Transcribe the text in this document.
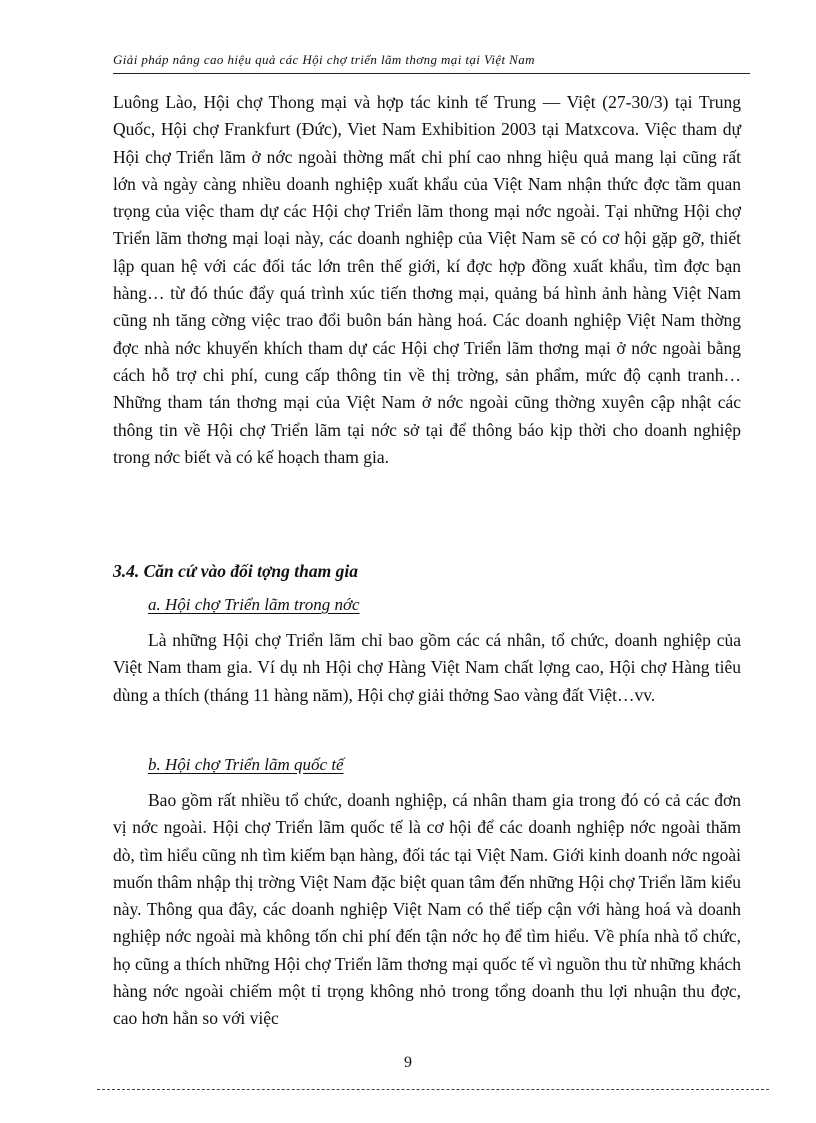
Giải pháp nâng cao hiệu quả các Hội chợ triển lãm thơng mại tại Việt Nam

Luông Lào, Hội chợ Thong mại và hợp tác kinh tế Trung — Việt (27-30/3) tại Trung Quốc, Hội chợ Frankfurt (Đức), Viet Nam Exhibition 2003 tại Matxcova. Việc tham dự Hội chợ Triển lãm ở nớc ngoài thờng mất chi phí cao nhng hiệu quả mang lại cũng rất lớn và ngày càng nhiều doanh nghiệp xuất khẩu của Việt Nam nhận thức đợc tầm quan trọng của việc tham dự các Hội chợ Triển lãm thong mại nớc ngoài. Tại những Hội chợ Triển lãm thơng mại loại này, các doanh nghiệp của Việt Nam sẽ có cơ hội gặp gỡ, thiết lập quan hệ với các đối tác lớn trên thế giới, kí đợc hợp đồng xuất khẩu, tìm đợc bạn hàng… từ đó thúc đẩy quá trình xúc tiến thơng mại, quảng bá hình ảnh hàng Việt Nam cũng nh tăng cờng việc trao đổi buôn bán hàng hoá. Các doanh nghiệp Việt Nam thờng đợc nhà nớc khuyến khích tham dự các Hội chợ Triển lãm thơng mại ở nớc ngoài bằng cách hỗ trợ chi phí, cung cấp thông tin về thị trờng, sản phẩm, mức độ cạnh tranh… Những tham tán thơng mại của Việt Nam ở nớc ngoài cũng thờng xuyên cập nhật các thông tin về Hội chợ Triển lãm tại nớc sở tại để thông báo kịp thời cho doanh nghiệp trong nớc biết và có kế hoạch tham gia.

3.4. Căn cứ vào đối tợng tham gia
a. Hội chợ Triển lãm trong nớc

Là những Hội chợ Triển lãm chỉ bao gồm các cá nhân, tổ chức, doanh nghiệp của Việt Nam tham gia. Ví dụ nh Hội chợ Hàng Việt Nam chất lợng cao, Hội chợ Hàng tiêu dùng a thích (tháng 11 hàng năm), Hội chợ giải thởng Sao vàng đất Việt…vv.

b. Hội chợ Triển lãm quốc tế

Bao gồm rất nhiều tổ chức, doanh nghiệp, cá nhân tham gia trong đó có cả các đơn vị nớc ngoài. Hội chợ Triển lãm quốc tế là cơ hội để các doanh nghiệp nớc ngoài thăm dò, tìm hiểu cũng nh tìm kiếm bạn hàng, đối tác tại Việt Nam. Giới kinh doanh nớc ngoài muốn thâm nhập thị trờng Việt Nam đặc biệt quan tâm đến những Hội chợ Triển lãm kiểu này. Thông qua đây, các doanh nghiệp Việt Nam có thể tiếp cận với hàng hoá và doanh nghiệp nớc ngoài mà không tốn chi phí đến tận nớc họ để tìm hiểu. Về phía nhà tổ chức, họ cũng a thích những Hội chợ Triển lãm thơng mại quốc tế vì nguồn thu từ những khách hàng nớc ngoài chiếm một tỉ trọng không nhỏ trong tổng doanh thu lợi nhuận thu đợc, cao hơn hẳn so với việc

9
